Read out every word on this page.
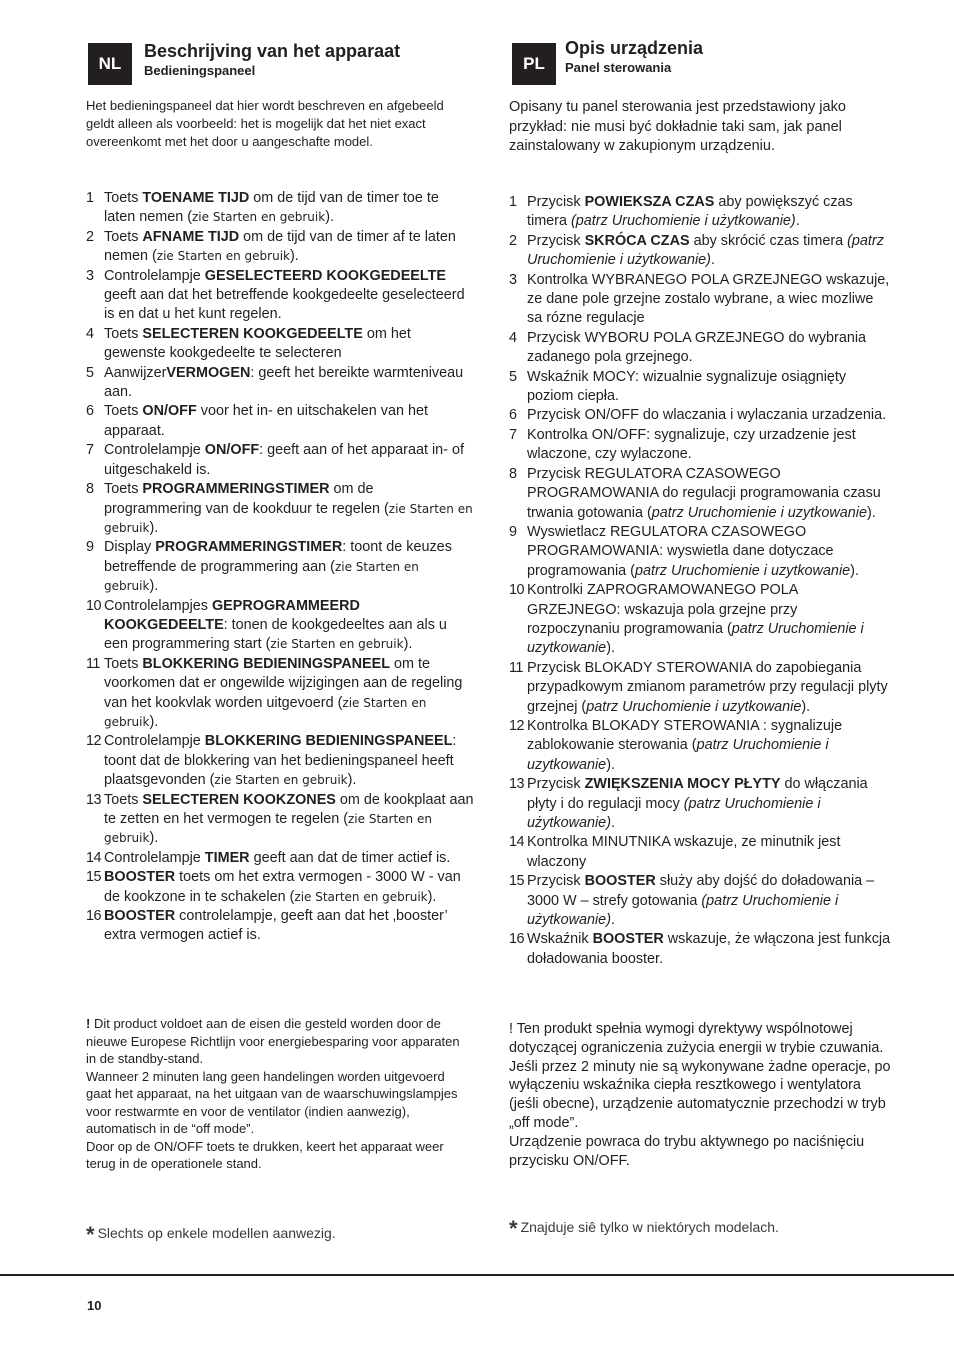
NL
Beschrijving van het apparaat
Bedieningspaneel
Het bedieningspaneel dat hier wordt beschreven en afgebeeld geldt alleen als voorbeeld: het is mogelijk dat het niet exact overeenkomt met het door u aangeschafte model.
1 Toets TOENAME TIJD om de tijd van de timer toe te laten nemen (zie Starten en gebruik).
2 Toets AFNAME TIJD om de tijd van de timer af te laten nemen (zie Starten en gebruik).
3 Controlelampje GESELECTEERD KOOKGEDEELTE geeft aan dat het betreffende kookgedeelte geselecteerd is en dat u het kunt regelen.
4 Toets SELECTEREN KOOKGEDEELTE om het gewenste kookgedeelte te selecteren
5 AanwijzerVERMOGEN: geeft het bereikte warmteniveau aan.
6 Toets ON/OFF voor het in- en uitschakelen van het apparaat.
7 Controlelampje ON/OFF: geeft aan of het apparaat in- of uitgeschakeld is.
8 Toets PROGRAMMERINGSTIMER om de programmering van de kookduur te regelen (zie Starten en gebruik).
9 Display PROGRAMMERINGSTIMER: toont de keuzes betreffende de programmering aan (zie Starten en gebruik).
10 Controlelampjes GEPROGRAMMEERD KOOKGEDEELTE: tonen de kookgedeeltes aan als u een programmering start (zie Starten en gebruik).
11 Toets BLOKKERING BEDIENINGSPANEEL om te voorkomen dat er ongewilde wijzigingen aan de regeling van het kookvlak worden uitgevoerd (zie Starten en gebruik).
12 Controlelampje BLOKKERING BEDIENINGSPANEEL: toont dat de blokkering van het bedieningspaneel heeft plaatsgevonden (zie Starten en gebruik).
13 Toets SELECTEREN KOOKZONES om de kookplaat aan te zetten en het vermogen te regelen (zie Starten en gebruik).
14 Controlelampje TIMER geeft aan dat de timer actief is.
15 BOOSTER toets om het extra vermogen - 3000 W - van de kookzone in te schakelen (zie Starten en gebruik).
16 BOOSTER controlelampje, geeft aan dat het ‚booster’ extra vermogen actief is.

! Dit product voldoet aan de eisen die gesteld worden door de nieuwe Europese Richtlijn voor energiebesparing voor apparaten in de standby-stand.

Wanneer 2 minuten lang geen handelingen worden uitgevoerd gaat het apparaat, na het uitgaan van de waarschuwingslampjes voor restwarmte en voor de ventilator (indien aanwezig), automatisch in de “off mode”.

Door op de ON/OFF toets te drukken, keert het apparaat weer terug in de operationele stand.

* Slechts op enkele modellen aanwezig.
PL
Opis urządzenia
Panel sterowania
Opisany tu panel sterowania jest przedstawiony jako przykład: nie musi być dokładnie taki sam, jak panel zainstalowany w zakupionym urządzeniu.
1 Przycisk POWIEKSZA CZAS aby powiększyć czas timera (patrz Uruchomienie i użytkowanie).
2 Przycisk SKRÓCA CZAS aby skrócić czas timera (patrz Uruchomienie i użytkowanie).
3 Kontrolka WYBRANEGO POLA GRZEJNEGO wskazuje, ze dane pole grzejne zostalo wybrane, a wiec mozliwe sa rózne regulacje
4 Przycisk WYBORU POLA GRZEJNEGO do wybrania zadanego pola grzejnego.
5 Wskaźnik MOCY: wizualnie sygnalizuje osiągnięty poziom ciepła.
6 Przycisk ON/OFF do wlaczania i wylaczania urzadzenia.
7 Kontrolka ON/OFF: sygnalizuje, czy urzadzenie jest wlaczone, czy wylaczone.
8 Przycisk REGULATORA CZASOWEGO PROGRAMOWANIA do regulacji programowania czasu trwania gotowania (patrz Uruchomienie i uzytkowanie).
9 Wyswietlacz REGULATORA CZASOWEGO PROGRAMOWANIA: wyswietla dane dotyczace programowania (patrz Uruchomienie i uzytkowanie).
10 Kontrolki ZAPROGRAMOWANEGO POLA GRZEJNEGO: wskazuja pola grzejne przy rozpoczynaniu programowania (patrz Uruchomienie i uzytkowanie).
11 Przycisk BLOKADY STEROWANIA do zapobiegania przypadkowym zmianom parametrów przy regulacji plyty grzejnej (patrz Uruchomienie i uzytkowanie).
12 Kontrolka BLOKADY STEROWANIA : sygnalizuje zablokowanie sterowania (patrz Uruchomienie i uzytkowanie).
13 Przycisk ZWIĘKSZENIA MOCY PŁYTY do włączania płyty i do regulacji mocy (patrz Uruchomienie i użytkowanie).
14 Kontrolka MINUTNIKA wskazuje, ze minutnik jest wlaczony
15 Przycisk BOOSTER służy aby dojść do doładowania – 3000 W – strefy gotowania (patrz Uruchomienie i użytkowanie).
16 Wskaźnik BOOSTER wskazuje, że włączona jest funkcja doładowania booster.

! Ten produkt spełnia wymogi dyrektywy wspólnotowej dotyczącej ograniczenia zużycia energii w trybie czuwania.

Jeśli przez 2 minuty nie są wykonywane żadne operacje, po wyłączeniu wskaźnika ciepła resztkowego i wentylatora (jeśli obecne), urządzenie automatycznie przechodzi w tryb „off mode”.

Urządzenie powraca do trybu aktywnego po naciśnięciu przycisku ON/OFF.

* Znajduje siê tylko w niektórych modelach.
10
